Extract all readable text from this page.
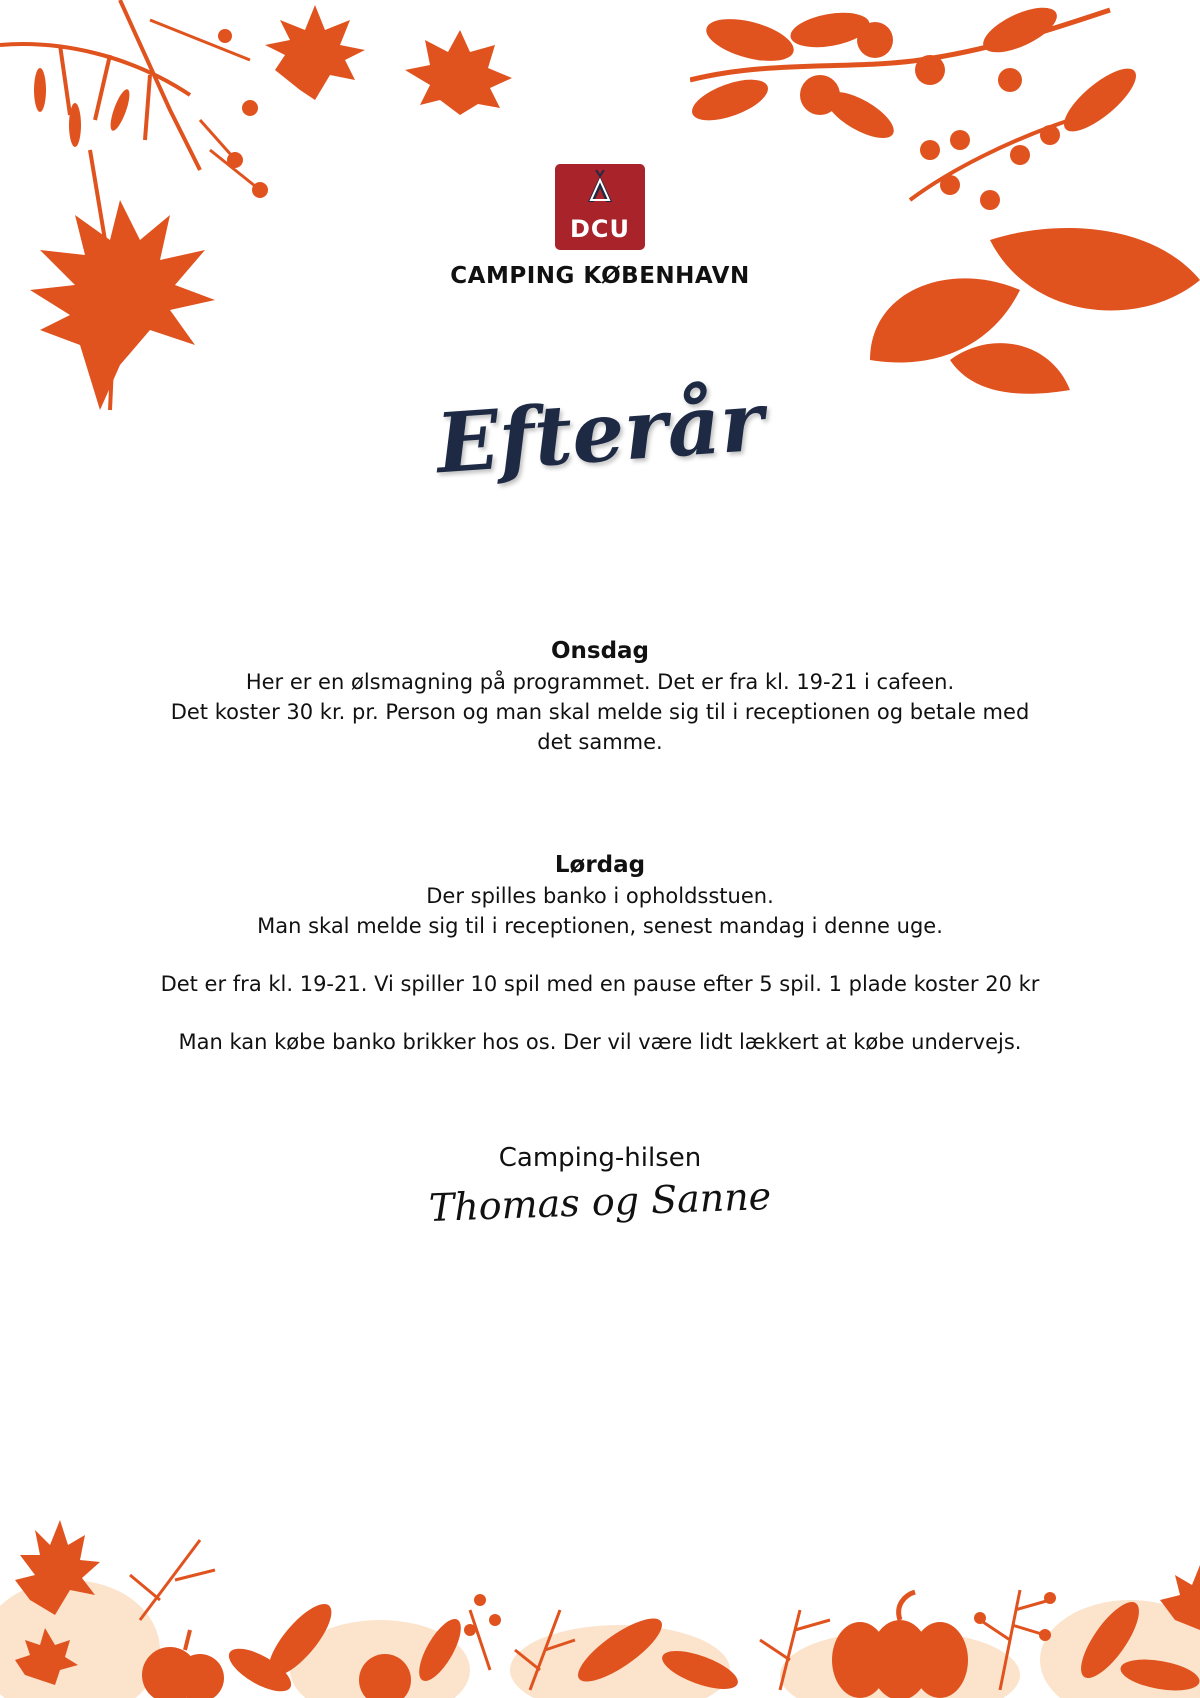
DCU
CAMPING KØBENHAVN
Efterår
Onsdag

Her er en ølsmagning på programmet. Det er fra kl. 19-21 i cafeen.

Det koster 30 kr. pr. Person og man skal melde sig til i receptionen og betale med

det samme.

Lørdag

Der spilles banko i opholdsstuen.

Man skal melde sig til i receptionen, senest mandag i denne uge.

Det er fra kl. 19-21. Vi spiller 10 spil med en pause efter 5 spil. 1 plade koster 20 kr

Man kan købe banko brikker hos os. Der vil være lidt lækkert at købe undervejs.

Camping-hilsen
Thomas og Sanne
